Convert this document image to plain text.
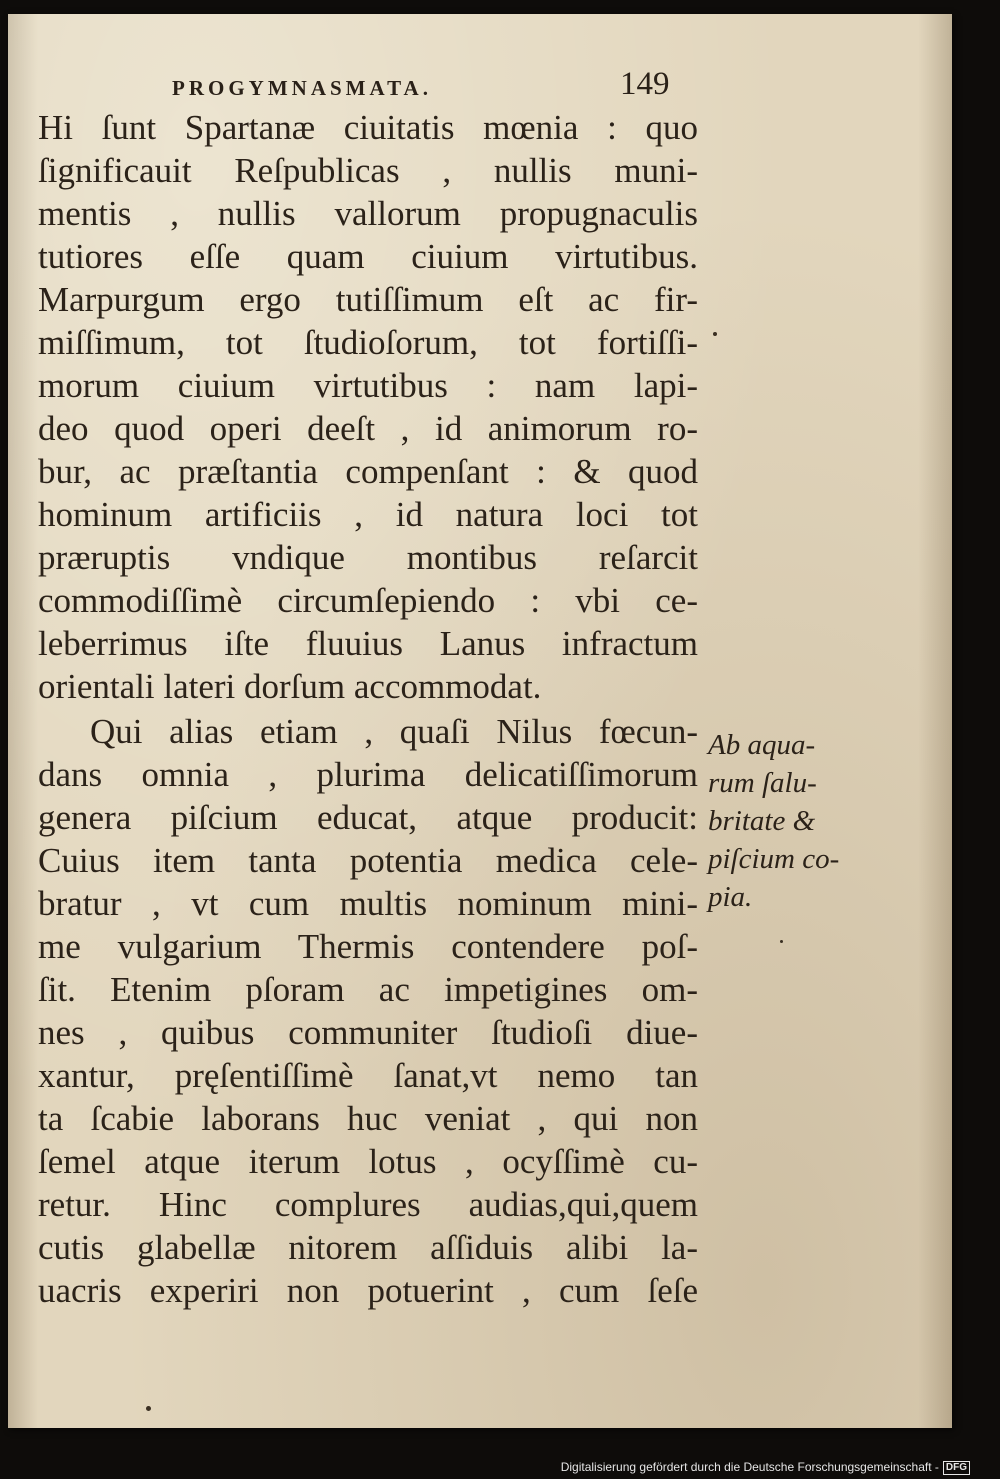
PROGYMNASMATA.	149
Hi ſunt Spartanæ ciuitatis mœnia : quo
ſignificauit Reſpublicas , nullis muni-
mentis , nullis vallorum propugnaculis
tutiores eſſe quam ciuium virtutibus.
Marpurgum ergo tutiſſimum eſt ac fir-
miſſimum, tot ſtudioſorum, tot fortiſſi-
morum ciuium virtutibus : nam lapi-
deo quod operi deeſt , id animorum ro-
bur, ac præſtantia compenſant : & quod
hominum artificiis , id natura loci tot
præruptis vndique montibus reſarcit
commodiſſimè circumſepiendo : vbi ce-
leberrimus iſte fluuius Lanus infractum
orientali lateri dorſum accommodat.
Qui alias etiam , quaſi Nilus fœcun-
dans omnia , plurima delicatiſſimorum
genera piſcium educat, atque producit:
Cuius item tanta potentia medica cele-
bratur , vt cum multis nominum mini-
me vulgarium Thermis contendere poſ-
ſit. Etenim pſoram ac impetigines om-
nes , quibus communiter ſtudioſi diue-
xantur, pręſentiſſimè ſanat,vt nemo tan
ta ſcabie laborans huc veniat , qui non
ſemel atque iterum lotus , ocyſſimè cu-
retur. Hinc complures audias,qui,quem
cutis glabellæ nitorem aſſiduis alibi la-
uacris experiri non potuerint , cum ſeſe
Ab aqua-
rum ſalu-
britate &
piſcium co-
pia.
Digitalisierung gefördert durch die Deutsche Forschungsgemeinschaft - DFG
